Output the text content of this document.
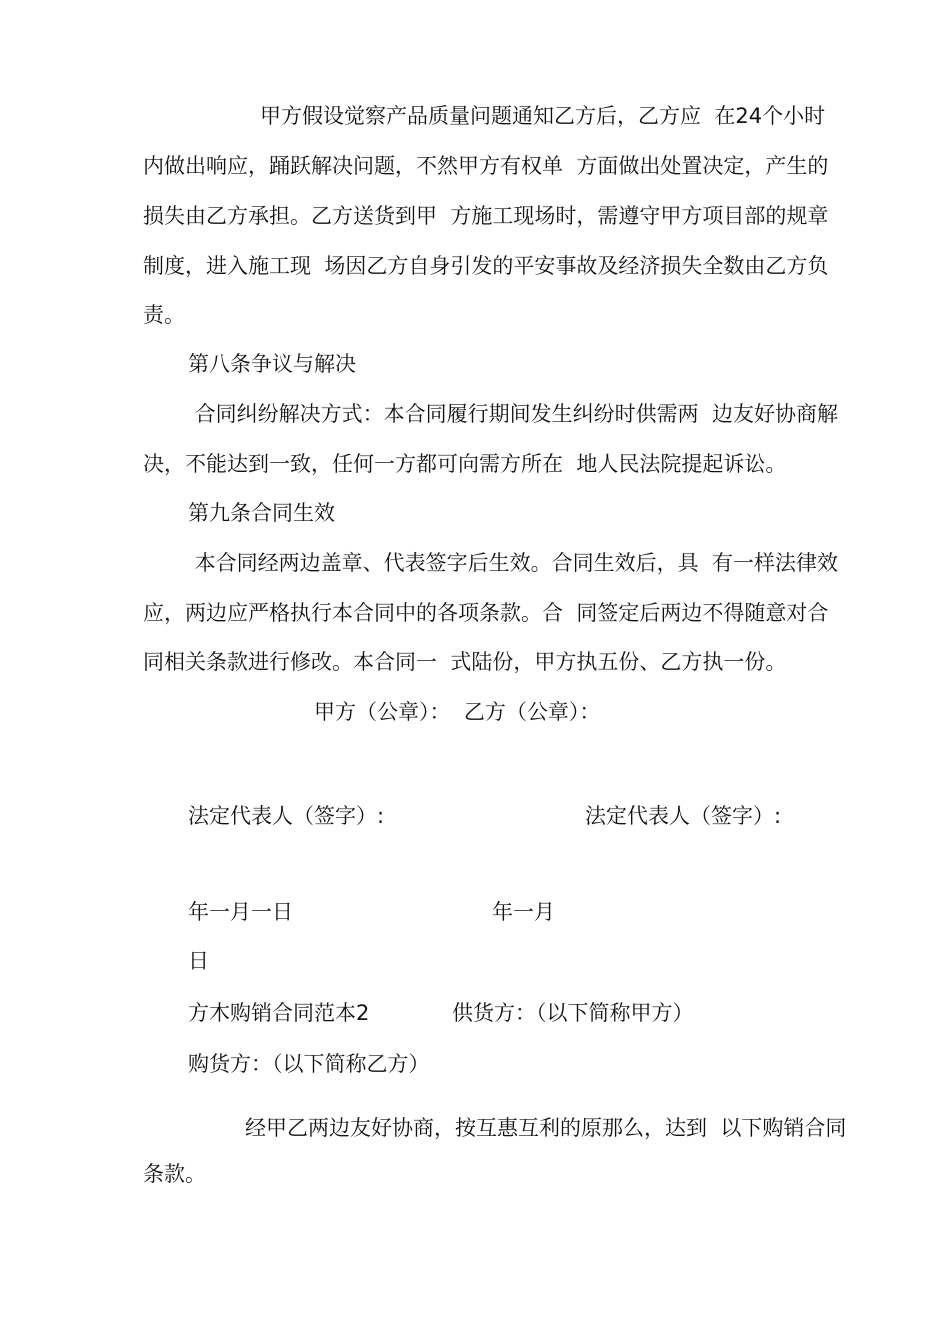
甲方假设觉察产品质量问题通知乙方后，乙方应  在24个小时

内做出响应，踊跃解决问题，不然甲方有权单  方面做出处置决定，产生的

损失由乙方承担。乙方送货到甲  方施工现场时，需遵守甲方项目部的规章

制度，进入施工现  场因乙方自身引发的平安事故及经济损失全数由乙方负

责。

第八条争议与解决

合同纠纷解决方式：本合同履行期间发生纠纷时供需两  边友好协商解

决，不能达到一致，任何一方都可向需方所在  地人民法院提起诉讼。

第九条合同生效

本合同经两边盖章、代表签字后生效。合同生效后，具  有一样法律效

应，两边应严格执行本合同中的各项条款。合  同签定后两边不得随意对合

同相关条款进行修改。本合同一  式陆份，甲方执五份、乙方执一份。

甲方（公章）：  乙方（公章）：

法定代表人（签字）:	法定代表人（签字）:

年一月一日	年一月

日

方木购销合同范本2	供货方：（以下简称甲方）

购货方：（以下简称乙方）

经甲乙两边友好协商，按互惠互利的原那么，达到  以下购销合同

条款。
